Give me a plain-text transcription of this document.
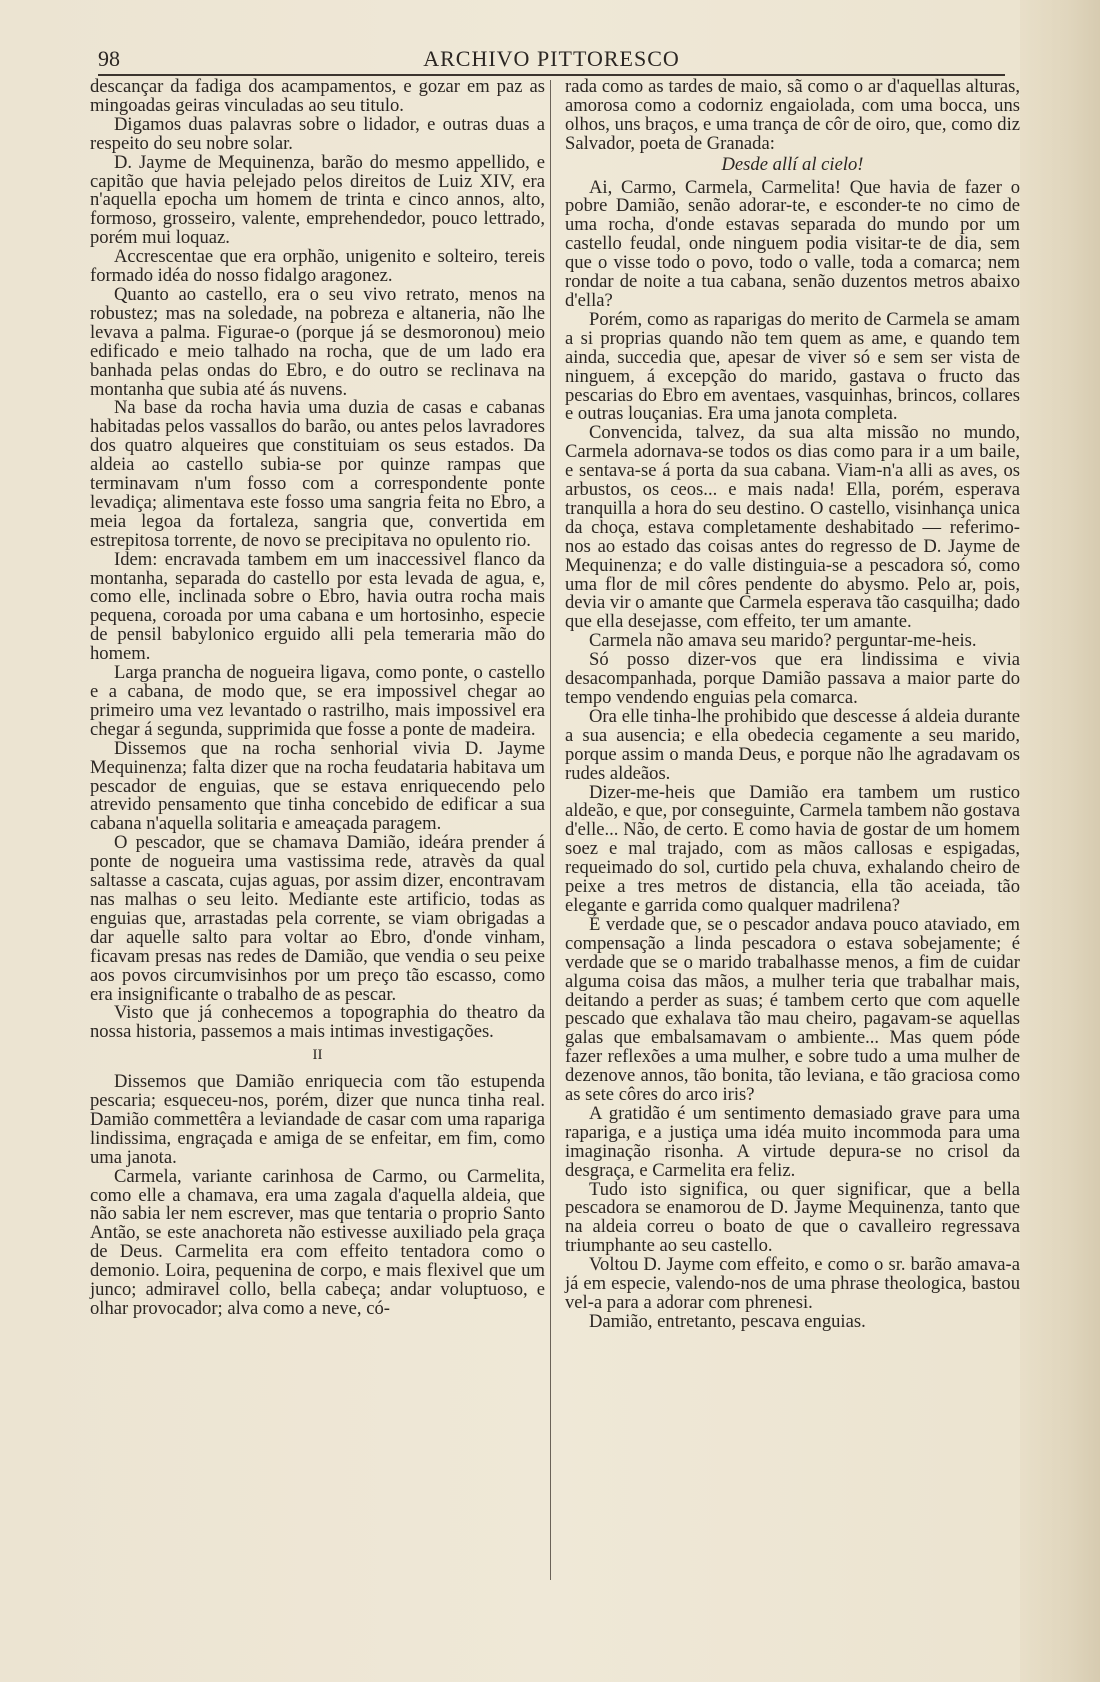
98	ARCHIVO PITTORESCO

descançar da fadiga dos acampamentos, e gozar em paz as mingoadas geiras vinculadas ao seu titulo.

Digamos duas palavras sobre o lidador, e outras duas a respeito do seu nobre solar.

D. Jayme de Mequinenza, barão do mesmo appellido, e capitão que havia pelejado pelos direitos de Luiz XIV, era n'aquella epocha um homem de trinta e cinco annos, alto, formoso, grosseiro, valente, emprehendedor, pouco lettrado, porém mui loquaz.

Accrescentae que era orphão, unigenito e solteiro, tereis formado idéa do nosso fidalgo aragonez.

Quanto ao castello, era o seu vivo retrato, menos na robustez; mas na soledade, na pobreza e altaneria, não lhe levava a palma. Figurae-o (porque já se desmoronou) meio edificado e meio talhado na rocha, que de um lado era banhada pelas ondas do Ebro, e do outro se reclinava na montanha que subia até ás nuvens.

Na base da rocha havia uma duzia de casas e cabanas habitadas pelos vassallos do barão, ou antes pelos lavradores dos quatro alqueires que constituiam os seus estados. Da aldeia ao castello subia-se por quinze rampas que terminavam n'um fosso com a correspondente ponte levadiça; alimentava este fosso uma sangria feita no Ebro, a meia legoa da fortaleza, sangria que, convertida em estrepitosa torrente, de novo se precipitava no opulento rio.

Idem: encravada tambem em um inaccessivel flanco da montanha, separada do castello por esta levada de agua, e, como elle, inclinada sobre o Ebro, havia outra rocha mais pequena, coroada por uma cabana e um hortosinho, especie de pensil babylonico erguido alli pela temeraria mão do homem.

Larga prancha de nogueira ligava, como ponte, o castello e a cabana, de modo que, se era impossivel chegar ao primeiro uma vez levantado o rastrilho, mais impossivel era chegar á segunda, supprimida que fosse a ponte de madeira.

Dissemos que na rocha senhorial vivia D. Jayme Mequinenza; falta dizer que na rocha feudataria habitava um pescador de enguias, que se estava enriquecendo pelo atrevido pensamento que tinha concebido de edificar a sua cabana n'aquella solitaria e ameaçada paragem.

O pescador, que se chamava Damião, ideára prender á ponte de nogueira uma vastissima rede, atravès da qual saltasse a cascata, cujas aguas, por assim dizer, encontravam nas malhas o seu leito. Mediante este artificio, todas as enguias que, arrastadas pela corrente, se viam obrigadas a dar aquelle salto para voltar ao Ebro, d'onde vinham, ficavam presas nas redes de Damião, que vendia o seu peixe aos povos circumvisinhos por um preço tão escasso, como era insignificante o trabalho de as pescar.

Visto que já conhecemos a topographia do theatro da nossa historia, passemos a mais intimas investigações.

II

Dissemos que Damião enriquecia com tão estupenda pescaria; esqueceu-nos, porém, dizer que nunca tinha real. Damião commettêra a leviandade de casar com uma rapariga lindissima, engraçada e amiga de se enfeitar, em fim, como uma janota.

Carmela, variante carinhosa de Carmo, ou Carmelita, como elle a chamava, era uma zagala d'aquella aldeia, que não sabia ler nem escrever, mas que tentaria o proprio Santo Antão, se este anachoreta não estivesse auxiliado pela graça de Deus. Carmelita era com effeito tentadora como o demonio. Loira, pequenina de corpo, e mais flexivel que um junco; admiravel collo, bella cabeça; andar voluptuoso, e olhar provocador; alva como a neve, có-

rada como as tardes de maio, sã como o ar d'aquellas alturas, amorosa como a codorniz engaiolada, com uma bocca, uns olhos, uns braços, e uma trança de côr de oiro, que, como diz Salvador, poeta de Granada:

Desde allí al cielo!

Ai, Carmo, Carmela, Carmelita! Que havia de fazer o pobre Damião, senão adorar-te, e esconder-te no cimo de uma rocha, d'onde estavas separada do mundo por um castello feudal, onde ninguem podia visitar-te de dia, sem que o visse todo o povo, todo o valle, toda a comarca; nem rondar de noite a tua cabana, senão duzentos metros abaixo d'ella?

Porém, como as raparigas do merito de Carmela se amam a si proprias quando não tem quem as ame, e quando tem ainda, succedia que, apesar de viver só e sem ser vista de ninguem, á excepção do marido, gastava o fructo das pescarias do Ebro em aventaes, vasquinhas, brincos, collares e outras louçanias. Era uma janota completa.

Convencida, talvez, da sua alta missão no mundo, Carmela adornava-se todos os dias como para ir a um baile, e sentava-se á porta da sua cabana. Viam-n'a alli as aves, os arbustos, os ceos... e mais nada! Ella, porém, esperava tranquilla a hora do seu destino. O castello, visinhança unica da choça, estava completamente deshabitado — referimo-nos ao estado das coisas antes do regresso de D. Jayme de Mequinenza; e do valle distinguia-se a pescadora só, como uma flor de mil côres pendente do abysmo. Pelo ar, pois, devia vir o amante que Carmela esperava tão casquilha; dado que ella desejasse, com effeito, ter um amante.

Carmela não amava seu marido? perguntar-me-heis.

Só posso dizer-vos que era lindissima e vivia desacompanhada, porque Damião passava a maior parte do tempo vendendo enguias pela comarca.

Ora elle tinha-lhe prohibido que descesse á aldeia durante a sua ausencia; e ella obedecia cegamente a seu marido, porque assim o manda Deus, e porque não lhe agradavam os rudes aldeãos.

Dizer-me-heis que Damião era tambem um rustico aldeão, e que, por conseguinte, Carmela tambem não gostava d'elle... Não, de certo. E como havia de gostar de um homem soez e mal trajado, com as mãos callosas e espigadas, requeimado do sol, curtido pela chuva, exhalando cheiro de peixe a tres metros de distancia, ella tão aceiada, tão elegante e garrida como qualquer madrilena?

É verdade que, se o pescador andava pouco ataviado, em compensação a linda pescadora o estava sobejamente; é verdade que se o marido trabalhasse menos, a fim de cuidar alguma coisa das mãos, a mulher teria que trabalhar mais, deitando a perder as suas; é tambem certo que com aquelle pescado que exhalava tão mau cheiro, pagavam-se aquellas galas que embalsamavam o ambiente... Mas quem póde fazer reflexões a uma mulher, e sobre tudo a uma mulher de dezenove annos, tão bonita, tão leviana, e tão graciosa como as sete côres do arco iris?

A gratidão é um sentimento demasiado grave para uma rapariga, e a justiça uma idéa muito incommoda para uma imaginação risonha. A virtude depura-se no crisol da desgraça, e Carmelita era feliz.

Tudo isto significa, ou quer significar, que a bella pescadora se enamorou de D. Jayme Mequinenza, tanto que na aldeia correu o boato de que o cavalleiro regressava triumphante ao seu castello.

Voltou D. Jayme com effeito, e como o sr. barão amava-a já em especie, valendo-nos de uma phrase theologica, bastou vel-a para a adorar com phrenesi.

Damião, entretanto, pescava enguias.
